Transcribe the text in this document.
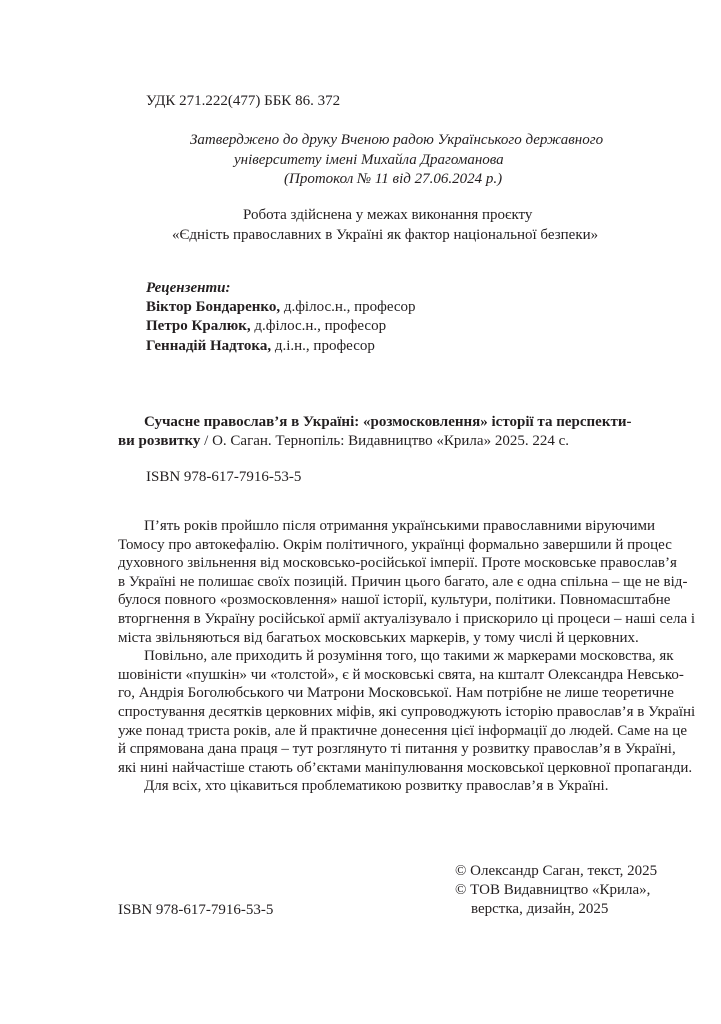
УДК 271.222(477) ББК 86. 372
Затверджено до друку Вченою радою Українського державного
університету імені Михайла Драгоманова
(Протокол № 11 від 27.06.2024 р.)
Робота здійснена у межах виконання проєкту
«Єдність православних в Україні як фактор національної безпеки»
Рецензенти:
Віктор Бондаренко, д.філос.н., професор
Петро Кралюк, д.філос.н., професор
Геннадій Надтока, д.і.н., професор
Сучасне православ’я в Україні: «розмосковлення» історії та перспекти-
ви розвитку / О. Саган. Тернопіль: Видавництво «Крила» 2025. 224 с.
ISBN 978-617-7916-53-5
П’ять років пройшло після отримання українськими православними віруючими
Томосу про автокефалію. Окрім політичного, українці формально завершили й процес
духовного звільнення від московсько-російської імперії. Проте московське православ’я
в Україні не полишає своїх позицій. Причин цього багато, але є одна спільна – ще не від-
булося повного «розмосковлення» нашої історії, культури, політики. Повномасштабне
вторгнення в Україну російської армії актуалізувало і прискорило ці процеси – наші села і
міста звільняються від багатьох московських маркерів, у тому числі й церковних.
Повільно, але приходить й розуміння того, що такими ж маркерами московства, як
шовіністи «пушкін» чи «толстой», є й московські свята, на кшталт Олександра Невсько-
го, Андрія Боголюбського чи Матрони Московської. Нам потрібне не лише теоретичне
спростування десятків церковних міфів, які супроводжують історію православ’я в Україні
уже понад триста років, але й практичне донесення цієї інформації до людей. Саме на це
й спрямована дана праця – тут розглянуто ті питання у розвитку православ’я в Україні,
які нині найчастіше стають об’єктами маніпулювання московської церковної пропаганди.
Для всіх, хто цікавиться проблематикою розвитку православ’я в Україні.
© Олександр Саган, текст, 2025
© ТОВ Видавництво «Крила»,
верстка, дизайн, 2025
ISBN 978-617-7916-53-5
